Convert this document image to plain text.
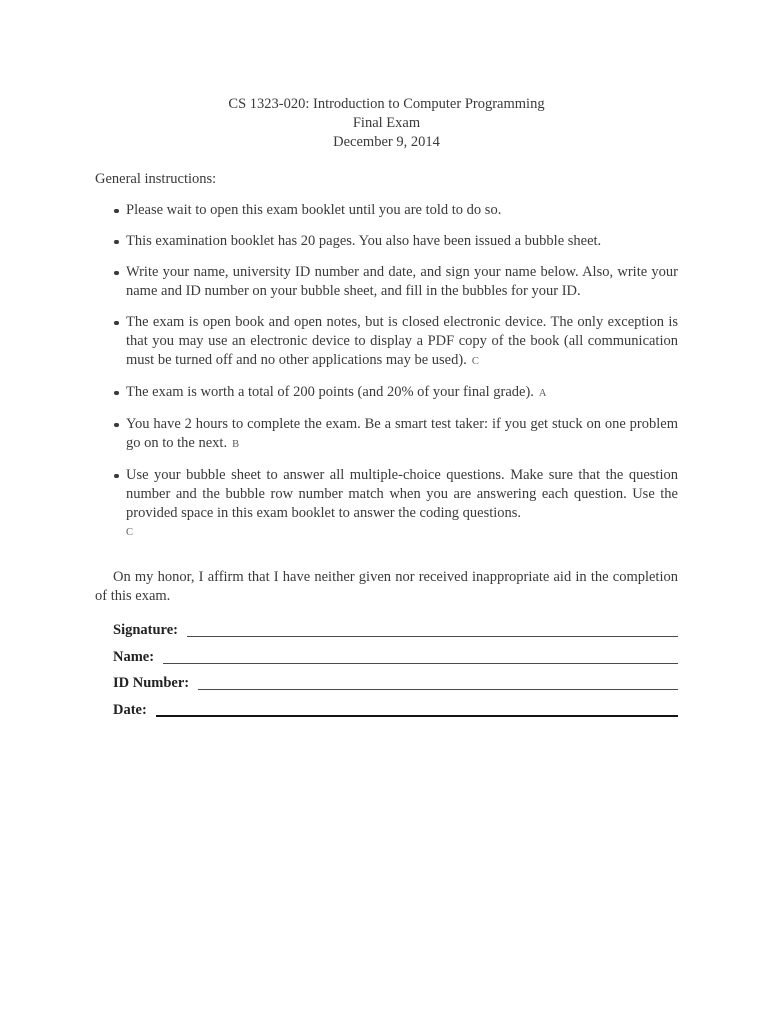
CS 1323-020: Introduction to Computer Programming
Final Exam
December 9, 2014
General instructions:
Please wait to open this exam booklet until you are told to do so.
This examination booklet has 20 pages. You also have been issued a bubble sheet.
Write your name, university ID number and date, and sign your name below. Also, write your name and ID number on your bubble sheet, and fill in the bubbles for your ID.
The exam is open book and open notes, but is closed electronic device. The only exception is that you may use an electronic device to display a PDF copy of the book (all communication must be turned off and no other applications may be used). C
The exam is worth a total of 200 points (and 20% of your final grade). A
You have 2 hours to complete the exam. Be a smart test taker: if you get stuck on one problem go on to the next. B
Use your bubble sheet to answer all multiple-choice questions. Make sure that the question number and the bubble row number match when you are answering each question. Use the provided space in this exam booklet to answer the coding questions.
C

On my honor, I affirm that I have neither given nor received inappropriate aid in the completion of this exam.

Signature:
Name:
ID Number:
Date:
